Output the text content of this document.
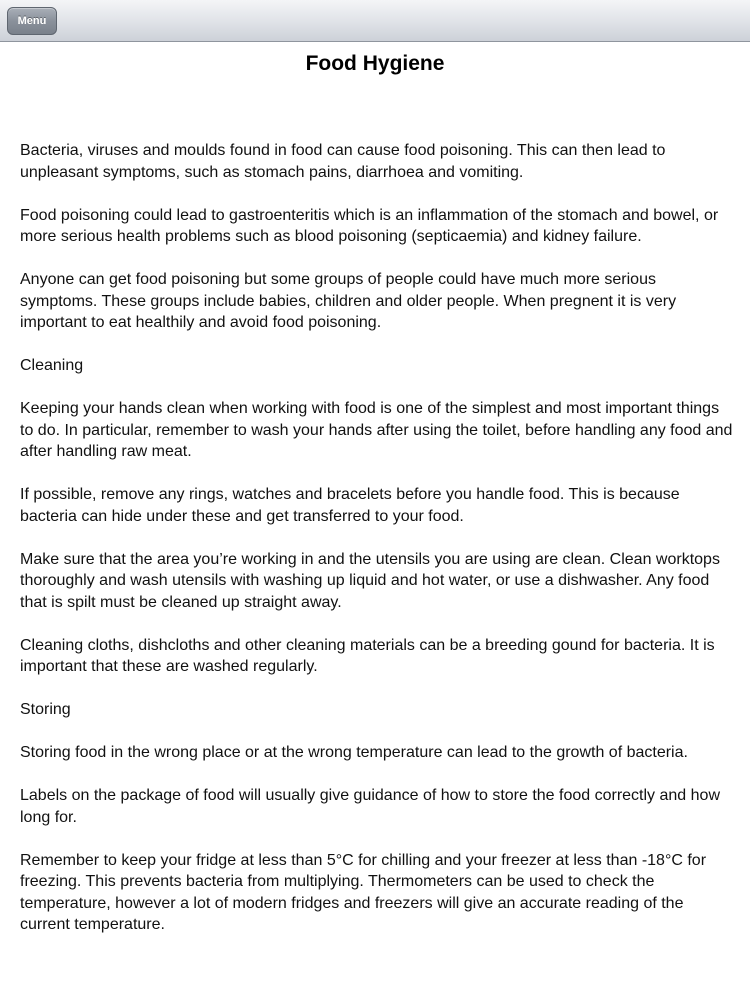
Menu
Food Hygiene

Bacteria, viruses and moulds found in food can cause food poisoning. This can then lead to unpleasant symptoms, such as stomach pains, diarrhoea and vomiting.

Food poisoning could lead to gastroenteritis which is an inflammation of the stomach and bowel, or more serious health problems such as blood poisoning (septicaemia) and kidney failure.

Anyone can get food poisoning but some groups of people could have much more serious symptoms. These groups include babies, children and older people. When pregnent it is very important to eat healthily and avoid food poisoning.

Cleaning

Keeping your hands clean when working with food is one of the simplest and most important things to do. In particular, remember to wash your hands after using the toilet, before handling any food and after handling raw meat.

If possible, remove any rings, watches and bracelets before you handle food. This is because bacteria can hide under these and get transferred to your food.

Make sure that the area you’re working in and the utensils you are using are clean. Clean worktops thoroughly and wash utensils with washing up liquid and hot water, or use a dishwasher. Any food that is spilt must be cleaned up straight away.

Cleaning cloths, dishcloths and other cleaning materials can be a breeding gound for bacteria. It is important that these are washed regularly.

Storing

Storing food in the wrong place or at the wrong temperature can lead to the growth of bacteria.

Labels on the package of food will usually give guidance of how to store the food correctly and how long for.

Remember to keep your fridge at less than 5°C for chilling and your freezer at less than -18°C for freezing. This prevents bacteria from multiplying. Thermometers can be used to check the temperature, however a lot of modern fridges and freezers will give an accurate reading of the current temperature.
